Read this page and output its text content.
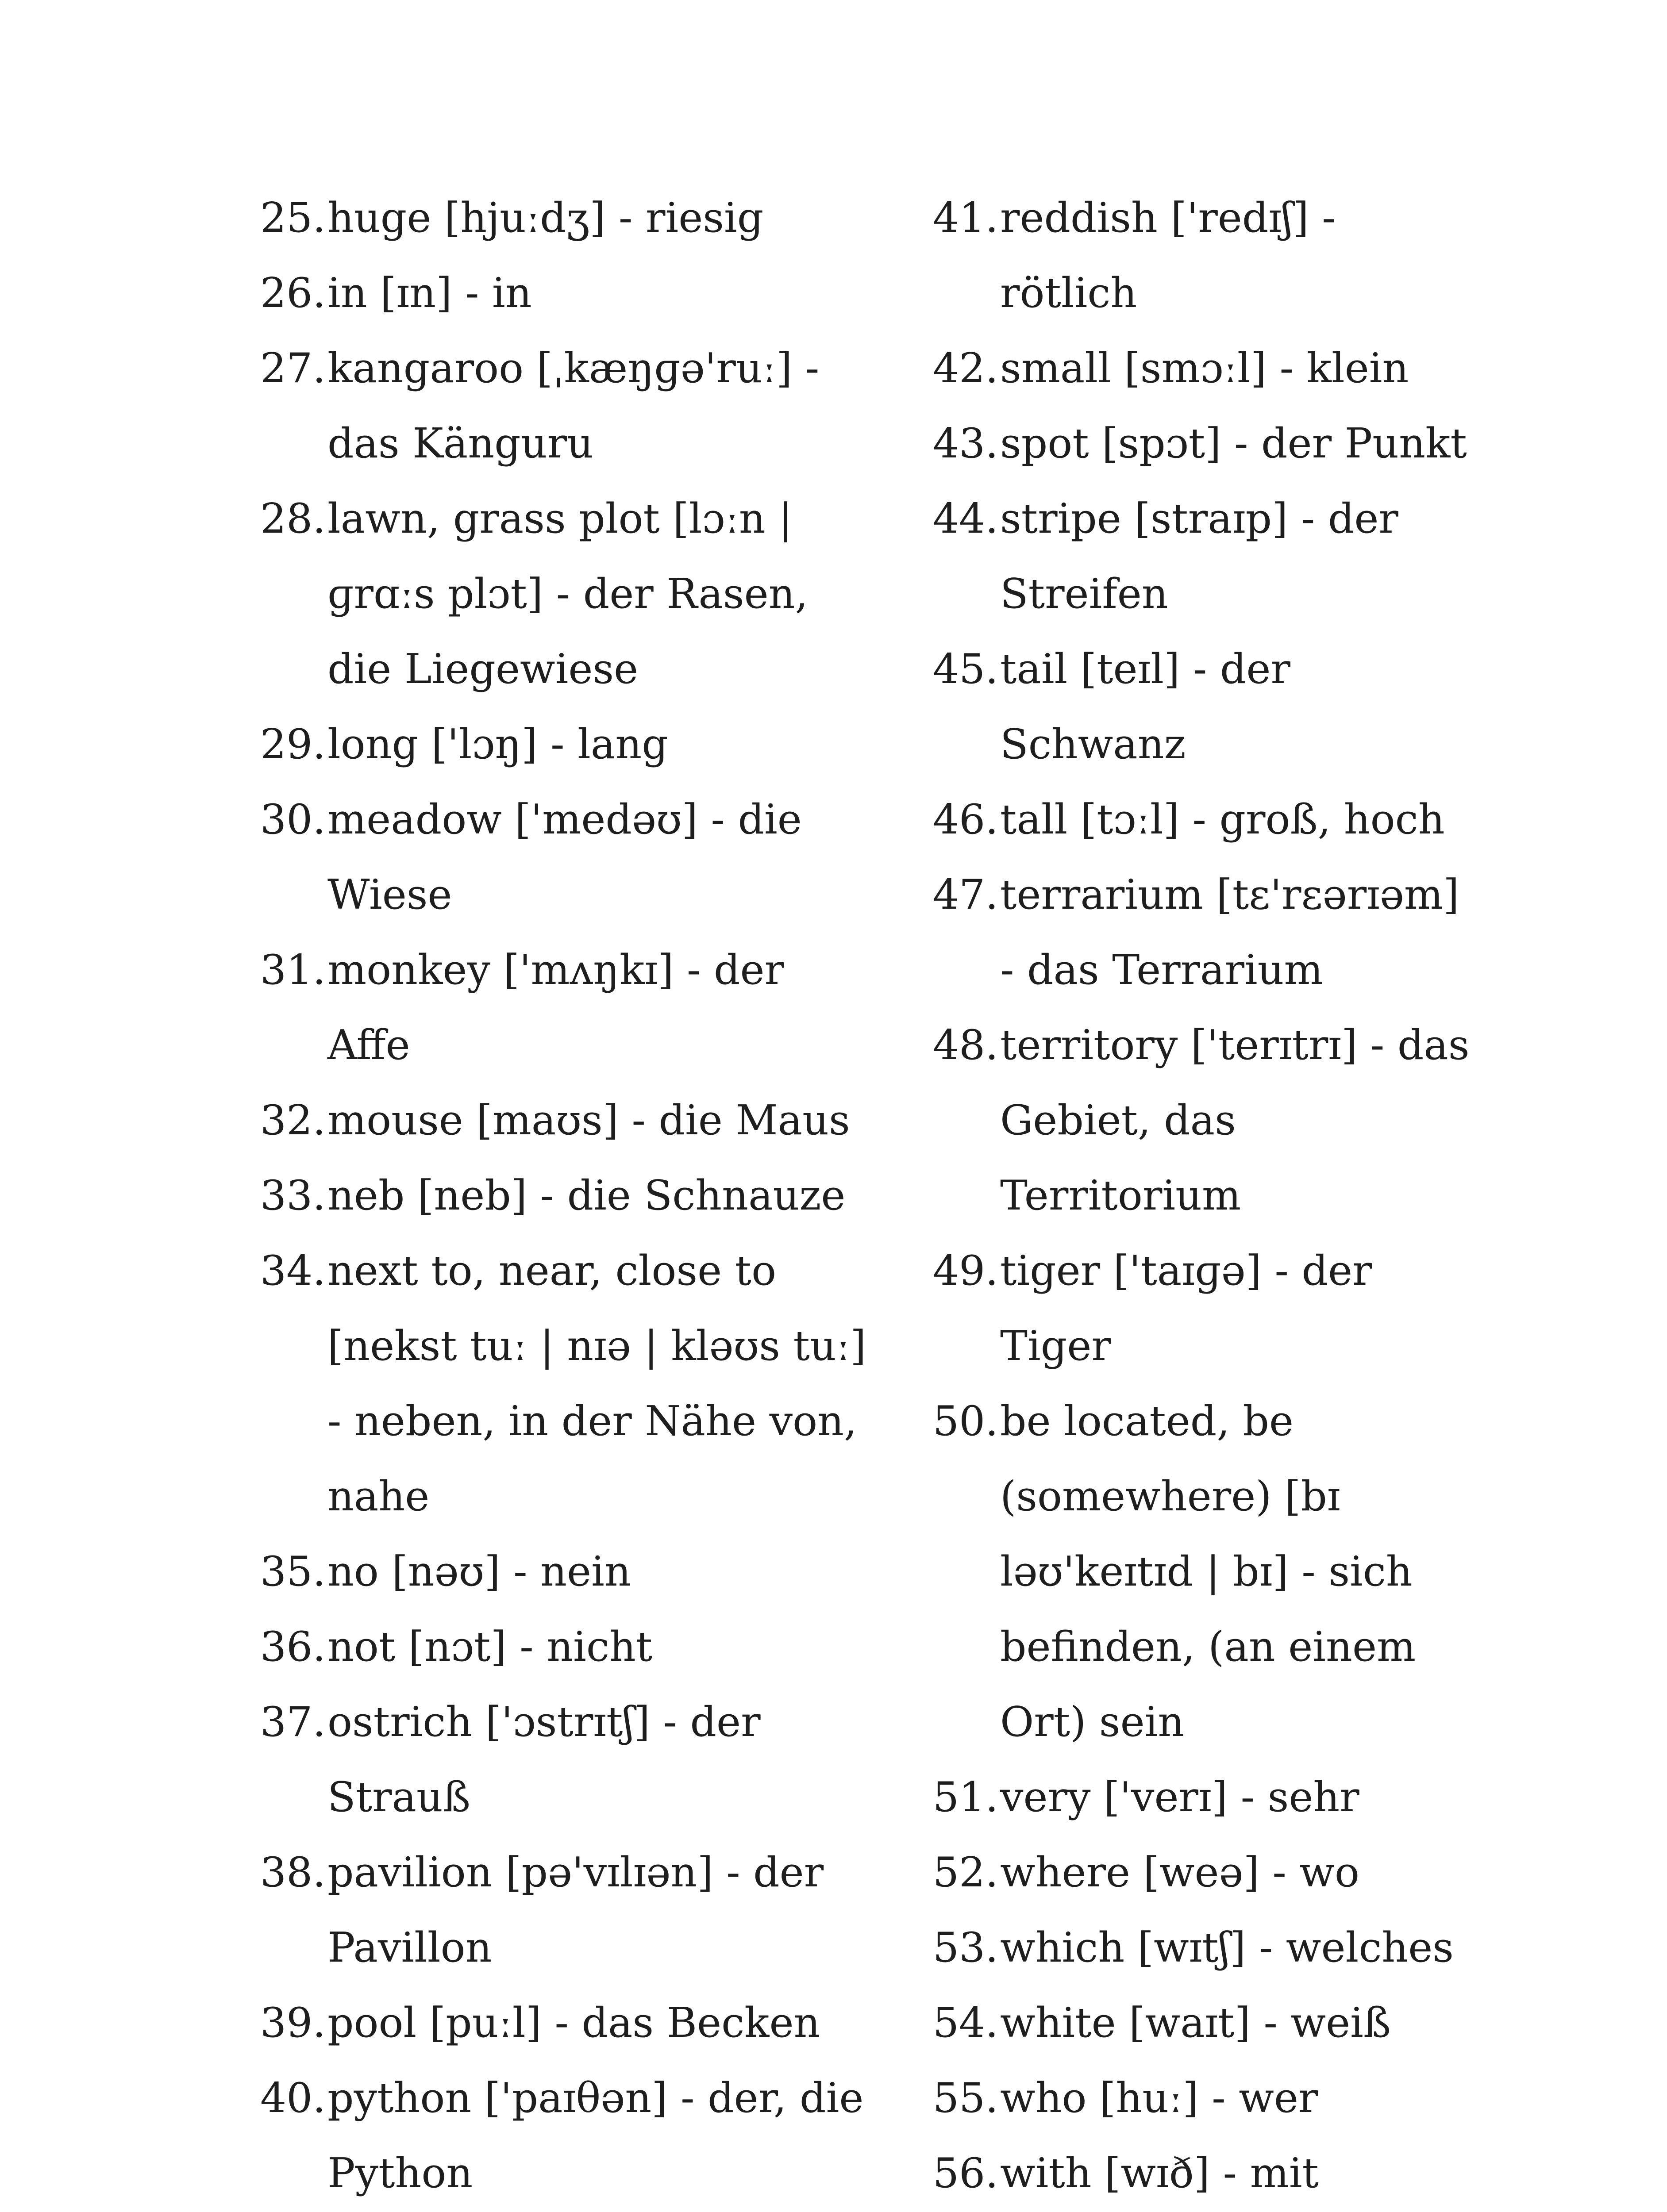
25. huge [hjuːdʒ] - riesig
26. in [ɪn] - in
27. kangaroo [ˌkæŋɡə'ruː] - das Känguru
28. lawn, grass plot [lɔːn | ɡrɑːs plɔt] - der Rasen, die Liegewiese
29. long ['lɔŋ] - lang
30. meadow ['medəʊ] - die Wiese
31. monkey ['mʌŋkɪ] - der Affe
32. mouse [maʊs] - die Maus
33. neb [neb] - die Schnauze
34. next to, near, close to [nekst tuː | nɪə | kləʊs tuː] - neben, in der Nähe von, nahe
35. no [nəʊ] - nein
36. not [nɔt] - nicht
37. ostrich ['ɔstrɪtʃ] - der Strauß
38. pavilion [pə'vɪlɪən] - der Pavillon
39. pool [puːl] - das Becken
40. python ['paɪθən] - der, die Python
41. reddish ['redɪʃ] - rötlich
42. small [smɔːl] - klein
43. spot [spɔt] - der Punkt
44. stripe [straɪp] - der Streifen
45. tail [teɪl] - der Schwanz
46. tall [tɔːl] - groß, hoch
47. terrarium [tɛ'rɛərɪəm] - das Terrarium
48. territory ['terɪtrɪ] - das Gebiet, das Territorium
49. tiger ['taɪɡə] - der Tiger
50. be located, be (somewhere) [bɪ ləʊ'keɪtɪd | bɪ] - sich befinden, (an einem Ort) sein
51. very ['verɪ] - sehr
52. where [weə] - wo
53. which [wɪtʃ] - welches
54. white [waɪt] - weiß
55. who [huː] - wer
56. with [wɪð] - mit
